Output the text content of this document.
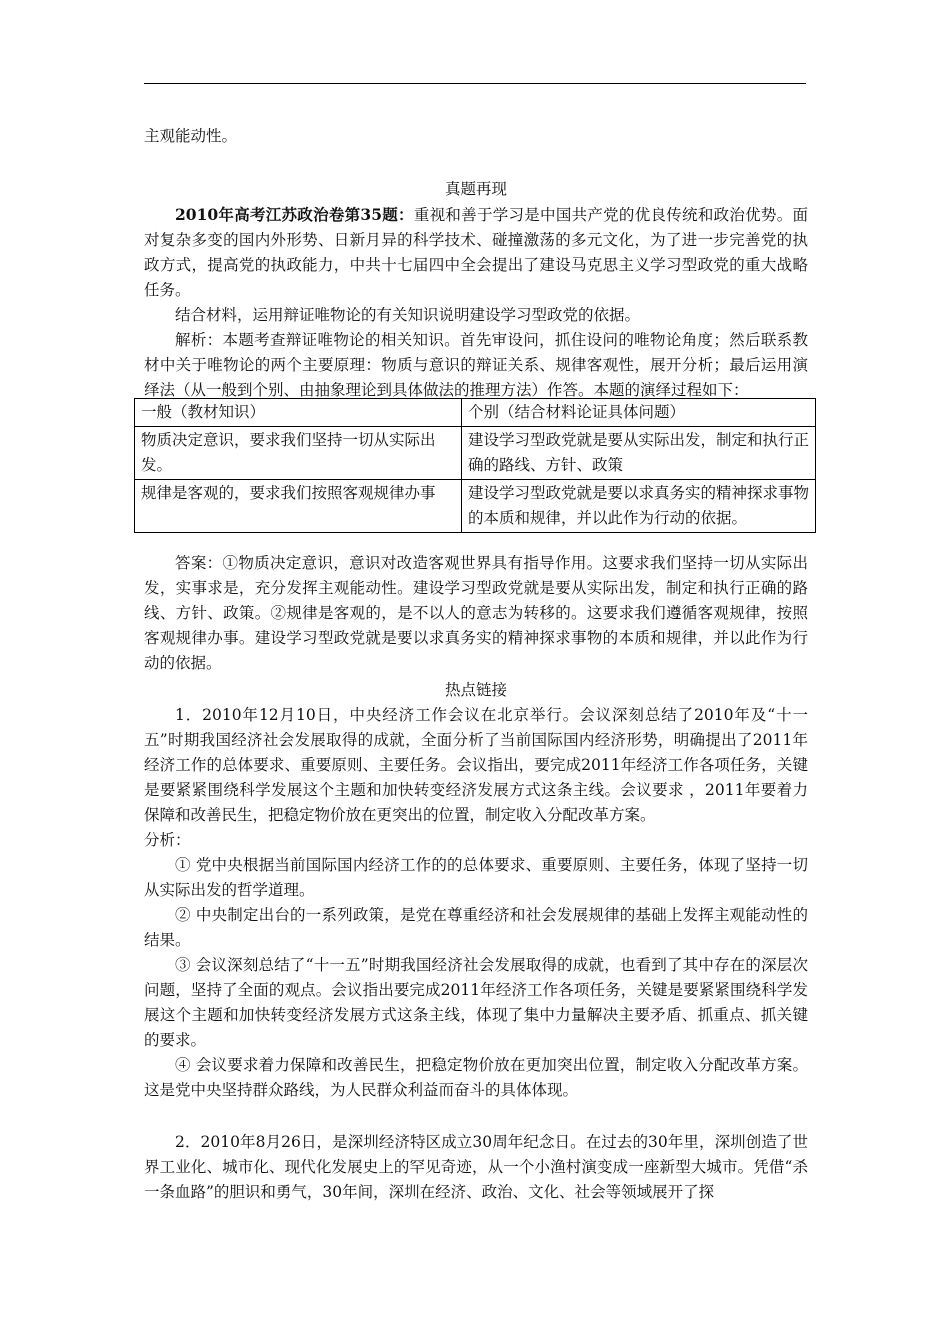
主观能动性。
真题再现

2010年高考江苏政治卷第35题：重视和善于学习是中国共产党的优良传统和政治优势。面对复杂多变的国内外形势、日新月异的科学技术、碰撞激荡的多元文化，为了进一步完善党的执政方式，提高党的执政能力，中共十七届四中全会提出了建设马克思主义学习型政党的重大战略任务。

结合材料，运用辩证唯物论的有关知识说明建设学习型政党的依据。

解析：本题考查辩证唯物论的相关知识。首先审设问，抓住设问的唯物论角度；然后联系教材中关于唯物论的两个主要原理：物质与意识的辩证关系、规律客观性，展开分析；最后运用演绎法（从一般到个别、由抽象理论到具体做法的推理方法）作答。本题的演绎过程如下：

一般（教材知识）	个别（结合材料论证具体问题）
物质决定意识，要求我们坚持一切从实际出发。	建设学习型政党就是要从实际出发，制定和执行正确的路线、方针、政策
规律是客观的，要求我们按照客观规律办事	建设学习型政党就是要以求真务实的精神探求事物的本质和规律，并以此作为行动的依据。

答案：①物质决定意识，意识对改造客观世界具有指导作用。这要求我们坚持一切从实际出发，实事求是，充分发挥主观能动性。建设学习型政党就是要从实际出发，制定和执行正确的路线、方针、政策。②规律是客观的，是不以人的意志为转移的。这要求我们遵循客观规律，按照客观规律办事。建设学习型政党就是要以求真务实的精神探求事物的本质和规律，并以此作为行动的依据。

热点链接

1．2010年12月10日，中央经济工作会议在北京举行。会议深刻总结了2010年及“十一五”时期我国经济社会发展取得的成就，全面分析了当前国际国内经济形势，明确提出了2011年经济工作的总体要求、重要原则、主要任务。会议指出，要完成2011年经济工作各项任务，关键是要紧紧围绕科学发展这个主题和加快转变经济发展方式这条主线。会议要求 ，2011年要着力保障和改善民生，把稳定物价放在更突出的位置，制定收入分配改革方案。

分析：

① 党中央根据当前国际国内经济工作的的总体要求、重要原则、主要任务，体现了坚持一切从实际出发的哲学道理。

② 中央制定出台的一系列政策，是党在尊重经济和社会发展规律的基础上发挥主观能动性的结果。

③ 会议深刻总结了“十一五”时期我国经济社会发展取得的成就，也看到了其中存在的深层次问题，坚持了全面的观点。会议指出要完成2011年经济工作各项任务，关键是要紧紧围绕科学发展这个主题和加快转变经济发展方式这条主线，体现了集中力量解决主要矛盾、抓重点、抓关键的要求。

④ 会议要求着力保障和改善民生，把稳定物价放在更加突出位置，制定收入分配改革方案。这是党中央坚持群众路线，为人民群众利益而奋斗的具体体现。

2．2010年8月26日，是深圳经济特区成立30周年纪念日。在过去的30年里，深圳创造了世界工业化、城市化、现代化发展史上的罕见奇迹，从一个小渔村演变成一座新型大城市。凭借“杀一条血路”的胆识和勇气，30年间，深圳在经济、政治、文化、社会等领域展开了探
